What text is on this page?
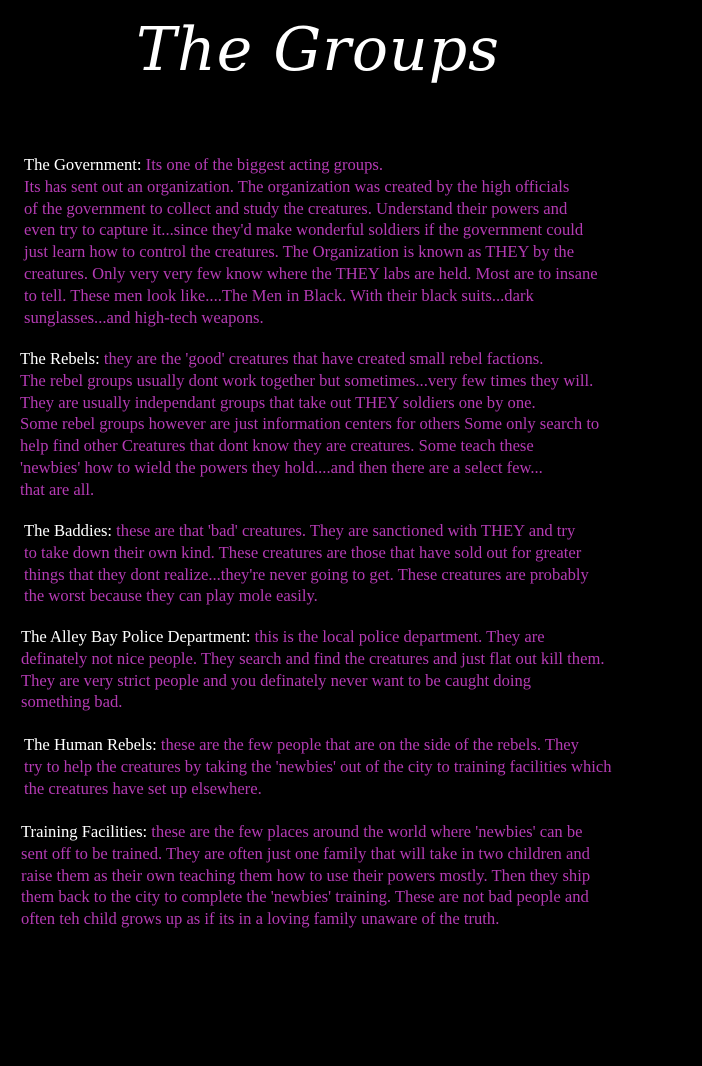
The Groups
The Government: Its one of the biggest acting groups.
Its has sent out an organization. The organization was created by the high officials
of the government to collect and study the creatures. Understand their powers and
even try to capture it...since they'd make wonderful soldiers if the government could
just learn how to control the creatures. The Organization is known as THEY by the
creatures. Only very very few know where the THEY labs are held. Most are to insane
to tell. These men look like....The Men in Black. With their black suits...dark
sunglasses...and high-tech weapons.
The Rebels: they are the 'good' creatures that have created small rebel factions.
The rebel groups usually dont work together but sometimes...very few times they will.
They are usually independant groups that take out THEY soldiers one by one.
Some rebel groups however are just information centers for others Some only search to
help find other Creatures that dont know they are creatures. Some teach these
'newbies' how to wield the powers they hold....and then there are a select few...
that are all.
The Baddies: these are that 'bad' creatures. They are sanctioned with THEY and try
to take down their own kind. These creatures are those that have sold out for greater
things that they dont realize...they're never going to get. These creatures are probably
the worst because they can play mole easily.
The Alley Bay Police Department: this is the local police department. They are
definately not nice people. They search and find the creatures and just flat out kill them.
They are very strict people and you definately never want to be caught doing
something bad.
The Human Rebels: these are the few people that are on the side of the rebels. They
try to help the creatures by taking the 'newbies' out of the city to training facilities which
the creatures have set up elsewhere.
Training Facilities: these are the few places around the world where 'newbies' can be
sent off to be trained. They are often just one family that will take in two children and
raise them as their own teaching them how to use their powers mostly. Then they ship
them back to the city to complete the 'newbies' training. These are not bad people and
often teh child grows up as if its in a loving family unaware of the truth.
